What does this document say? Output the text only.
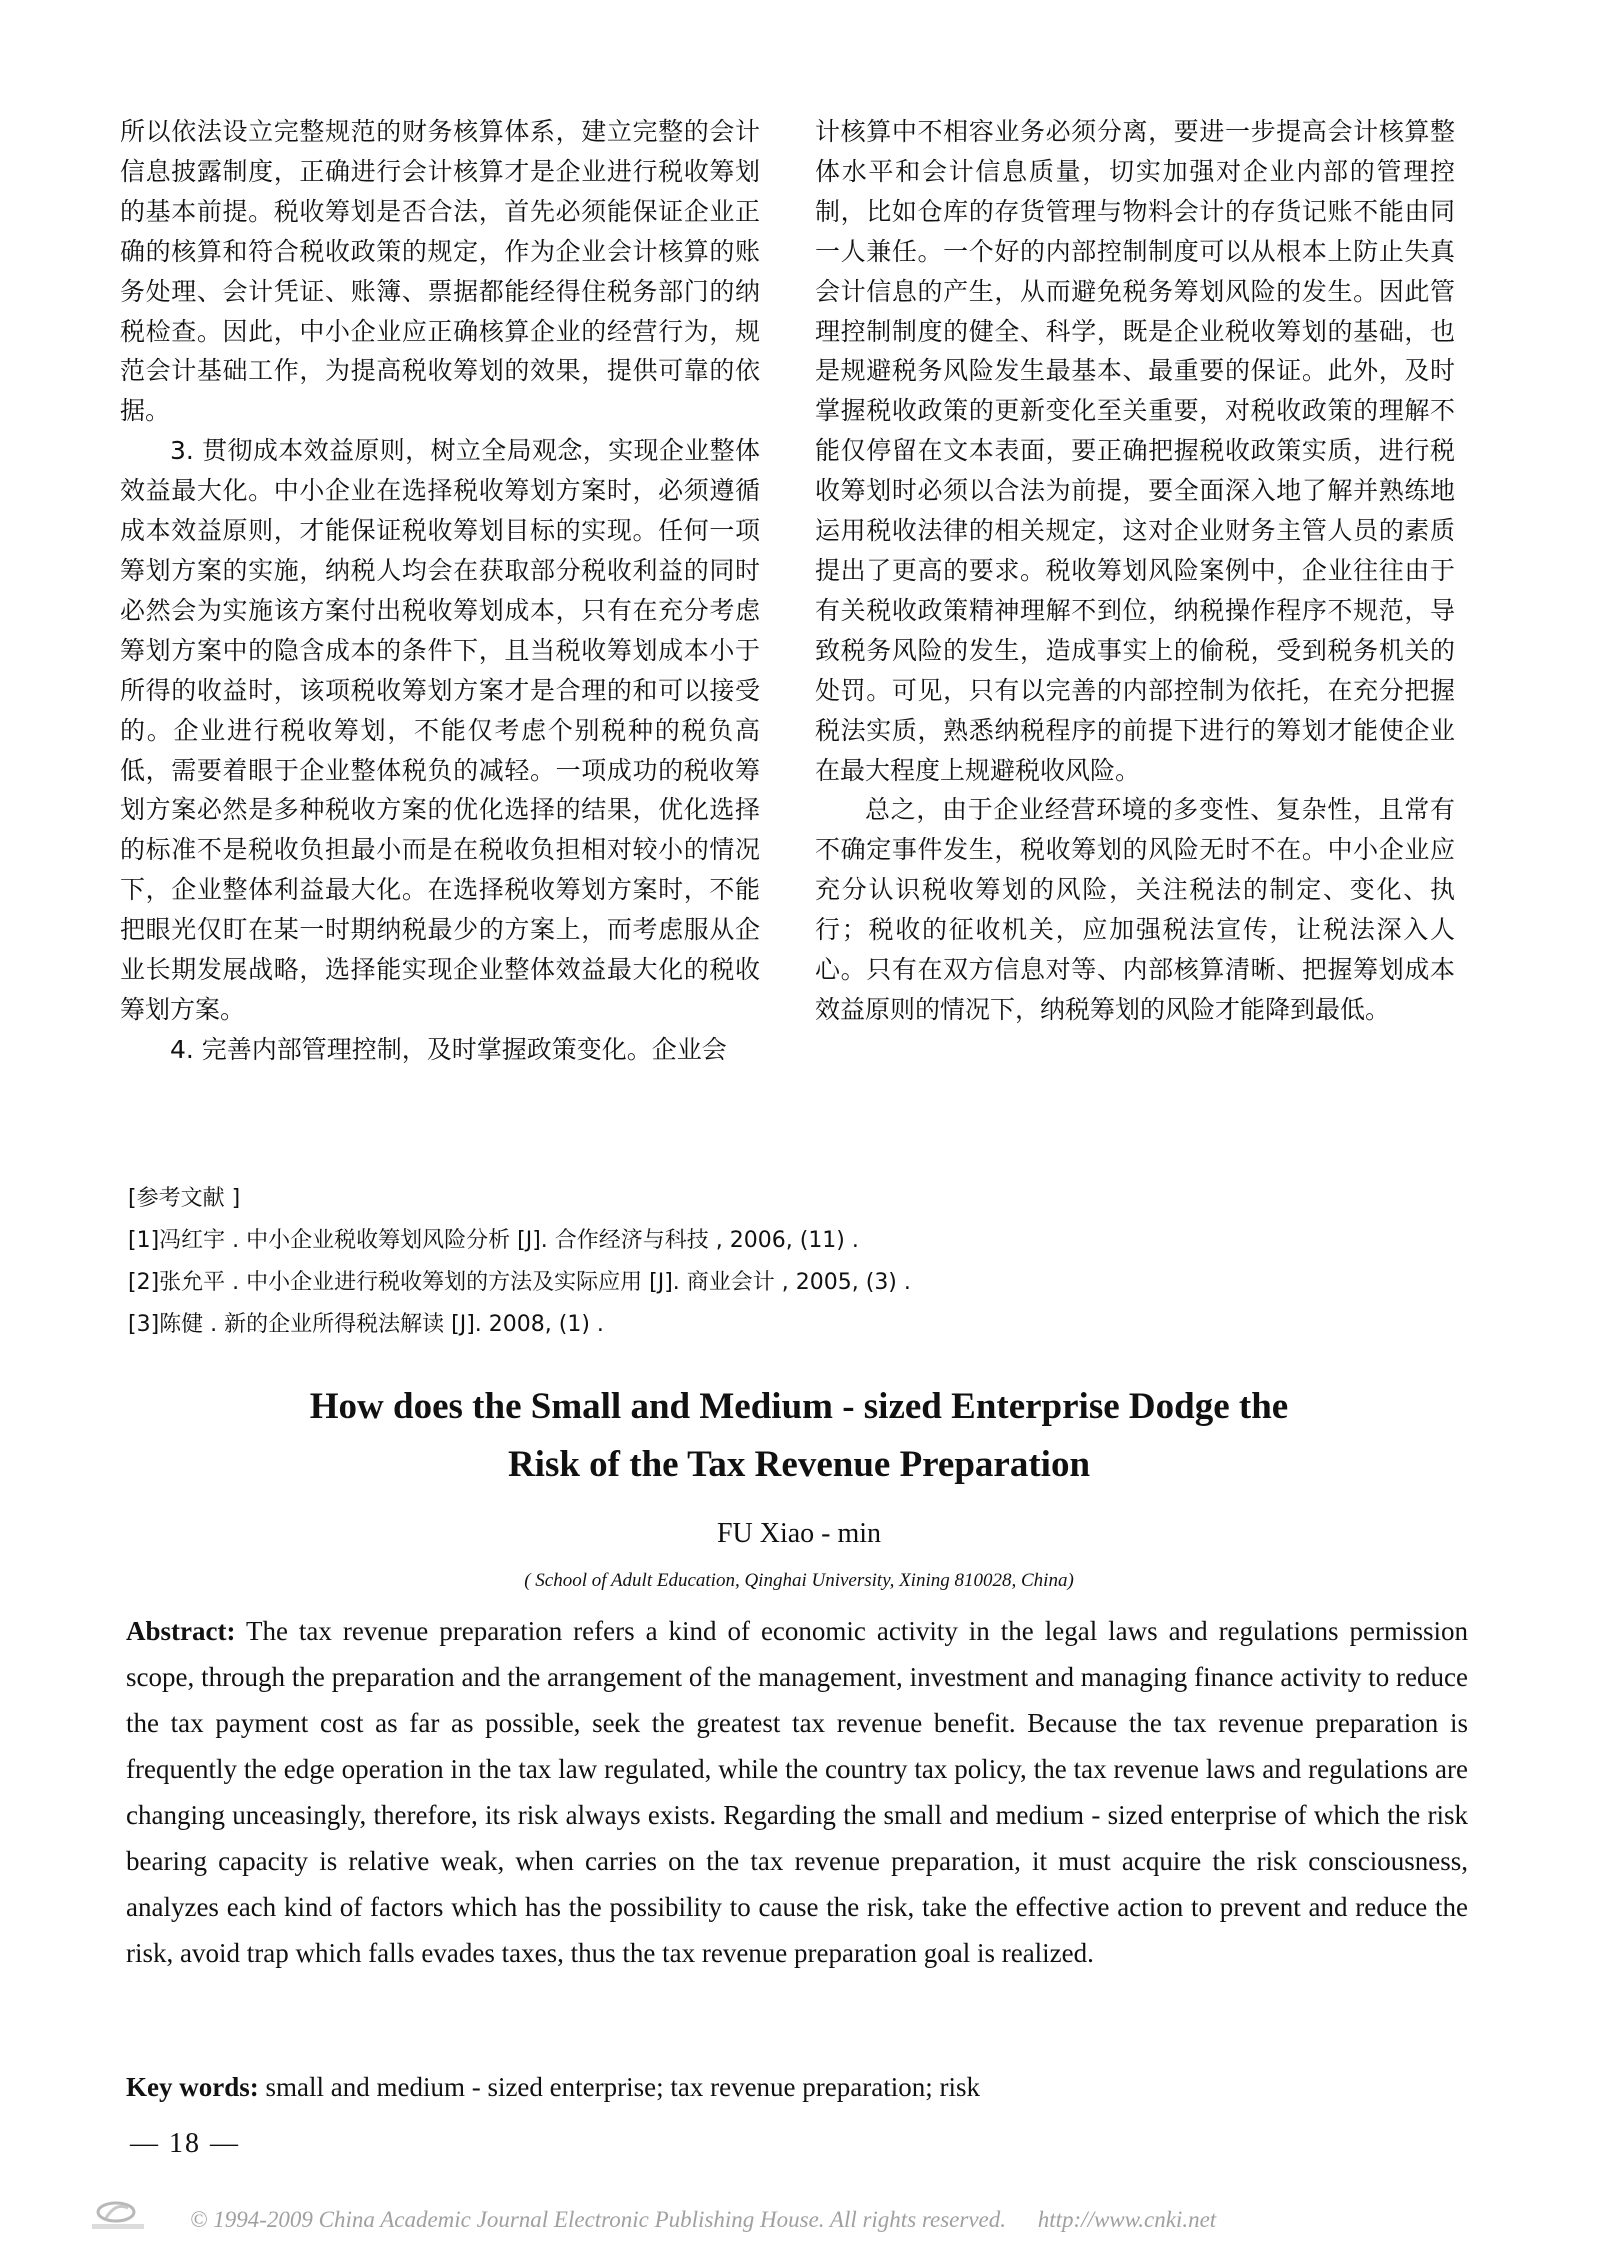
所以依法设立完整规范的财务核算体系，建立完整的会计信息披露制度，正确进行会计核算才是企业进行税收筹划的基本前提。税收筹划是否合法，首先必须能保证企业正确的核算和符合税收政策的规定，作为企业会计核算的账务处理、会计凭证、账簿、票据都能经得住税务部门的纳税检查。因此，中小企业应正确核算企业的经营行为，规范会计基础工作，为提高税收筹划的效果，提供可靠的依据。

3. 贯彻成本效益原则，树立全局观念，实现企业整体效益最大化。中小企业在选择税收筹划方案时，必须遵循成本效益原则，才能保证税收筹划目标的实现。任何一项筹划方案的实施，纳税人均会在获取部分税收利益的同时必然会为实施该方案付出税收筹划成本，只有在充分考虑筹划方案中的隐含成本的条件下，且当税收筹划成本小于所得的收益时，该项税收筹划方案才是合理的和可以接受的。企业进行税收筹划，不能仅考虑个别税种的税负高低，需要着眼于企业整体税负的减轻。一项成功的税收筹划方案必然是多种税收方案的优化选择的结果，优化选择的标准不是税收负担最小而是在税收负担相对较小的情况下，企业整体利益最大化。在选择税收筹划方案时，不能把眼光仅盯在某一时期纳税最少的方案上，而考虑服从企业长期发展战略，选择能实现企业整体效益最大化的税收筹划方案。

4. 完善内部管理控制，及时掌握政策变化。企业会

计核算中不相容业务必须分离，要进一步提高会计核算整体水平和会计信息质量，切实加强对企业内部的管理控制，比如仓库的存货管理与物料会计的存货记账不能由同一人兼任。一个好的内部控制制度可以从根本上防止失真会计信息的产生，从而避免税务筹划风险的发生。因此管理控制制度的健全、科学，既是企业税收筹划的基础，也是规避税务风险发生最基本、最重要的保证。此外，及时掌握税收政策的更新变化至关重要，对税收政策的理解不能仅停留在文本表面，要正确把握税收政策实质，进行税收筹划时必须以合法为前提，要全面深入地了解并熟练地运用税收法律的相关规定，这对企业财务主管人员的素质提出了更高的要求。税收筹划风险案例中，企业往往由于有关税收政策精神理解不到位，纳税操作程序不规范，导致税务风险的发生，造成事实上的偷税，受到税务机关的处罚。可见，只有以完善的内部控制为依托，在充分把握税法实质，熟悉纳税程序的前提下进行的筹划才能使企业在最大程度上规避税收风险。

总之，由于企业经营环境的多变性、复杂性，且常有不确定事件发生，税收筹划的风险无时不在。中小企业应充分认识税收筹划的风险，关注税法的制定、变化、执行；税收的征收机关，应加强税法宣传，让税法深入人心。只有在双方信息对等、内部核算清晰、把握筹划成本效益原则的情况下，纳税筹划的风险才能降到最低。

[参考文献 ]
[1]冯红宇 . 中小企业税收筹划风险分析 [J]. 合作经济与科技 , 2006, (11) .
[2]张允平 . 中小企业进行税收筹划的方法及实际应用 [J]. 商业会计 , 2005, (3) .
[3]陈健 . 新的企业所得税法解读 [J]. 2008, (1) .
How does the Small and Medium - sized Enterprise Dodge the
Risk of the Tax Revenue Preparation
FU Xiao - min
( School of Adult Education, Qinghai University, Xining 810028, China)
Abstract: The tax revenue preparation refers a kind of economic activity in the legal laws and regulations permission scope, through the preparation and the arrangement of the management, investment and managing finance activity to reduce the tax payment cost as far as possible, seek the greatest tax revenue benefit. Because the tax revenue preparation is frequently the edge operation in the tax law regulated, while the country tax policy, the tax revenue laws and regulations are changing unceasingly, therefore, its risk always exists. Regarding the small and medium - sized enterprise of which the risk bearing capacity is relative weak, when carries on the tax revenue preparation, it must acquire the risk consciousness, analyzes each kind of factors which has the possibility to cause the risk, take the effective action to prevent and reduce the risk, avoid trap which falls evades taxes, thus the tax revenue preparation goal is realized.
Key words: small and medium - sized enterprise; tax revenue preparation; risk
— 18 —
© 1994-2009 China Academic Journal Electronic Publishing House. All rights reserved. http://www.cnki.net
